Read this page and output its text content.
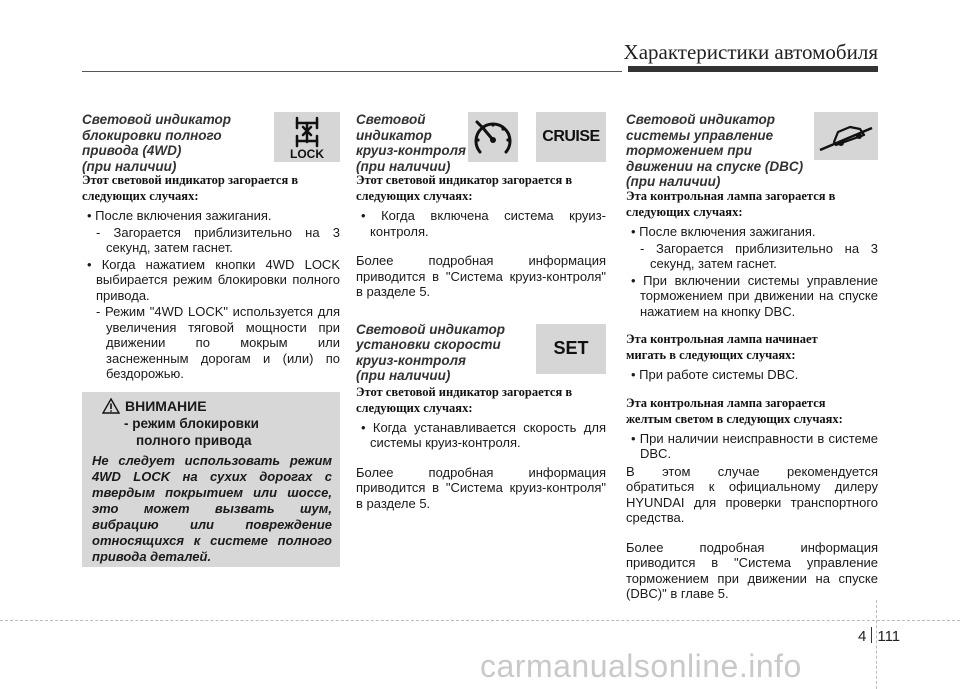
Характеристики автомобиля
Световой индикатор
блокировки полного
привода (4WD)
(при наличии)
LOCK

Этот световой индикатор загорается в
следующих случаях:

• После включения зажигания.

- Загорается приблизительно на 3 секунд, затем гаснет.

• Когда нажатием кнопки 4WD LOCK выбирается режим блокировки полного привода.

- Режим "4WD LOCK" используется для увеличения тяговой мощности при движении по мокрым или заснеженным дорогам и (или) по бездорожью.

ВНИМАНИЕ
- режим блокировки
полного привода
Не следует использовать режим
4WD LOCK на сухих дорогах с
твердым покрытием или шоссе,
это может вызвать шум,
вибрацию или повреждение
относящихся к системе полного
привода деталей.
Световой
индикатор
круиз-контроля
(при наличии)
CRUISE

Этот световой индикатор загорается в
следующих случаях:

• Когда включена система круиз-контроля.

Более подробная информация приводится в "Система круиз-контроля" в разделе 5.

Световой индикатор
установки скорости
круиз-контроля
(при наличии)
SET

Этот световой индикатор загорается в
следующих случаях:

• Когда устанавливается скорость для системы круиз-контроля.

Более подробная информация приводится в "Система круиз-контроля" в разделе 5.

Световой индикатор
системы управление
торможением при
движении на спуске (DBC)
(при наличии)

Эта контрольная лампа загорается в
следующих случаях:

• После включения зажигания.

- Загорается приблизительно на 3 секунд, затем гаснет.

• При включении системы управление торможением при движении на спуске нажатием на кнопку DBC.

Эта контрольная лампа начинает
мигать в следующих случаях:

• При работе системы DBC.

Эта контрольная лампа загорается
желтым светом в следующих случаях:

• При наличии неисправности в системе DBC.

В этом случае рекомендуется обратиться к официальному дилеру HYUNDAI для проверки транспортного средства.

Более подробная информация приводится в "Система управление торможением при движении на спуске (DBC)" в главе 5.

4 111
carmanualsonline.info
